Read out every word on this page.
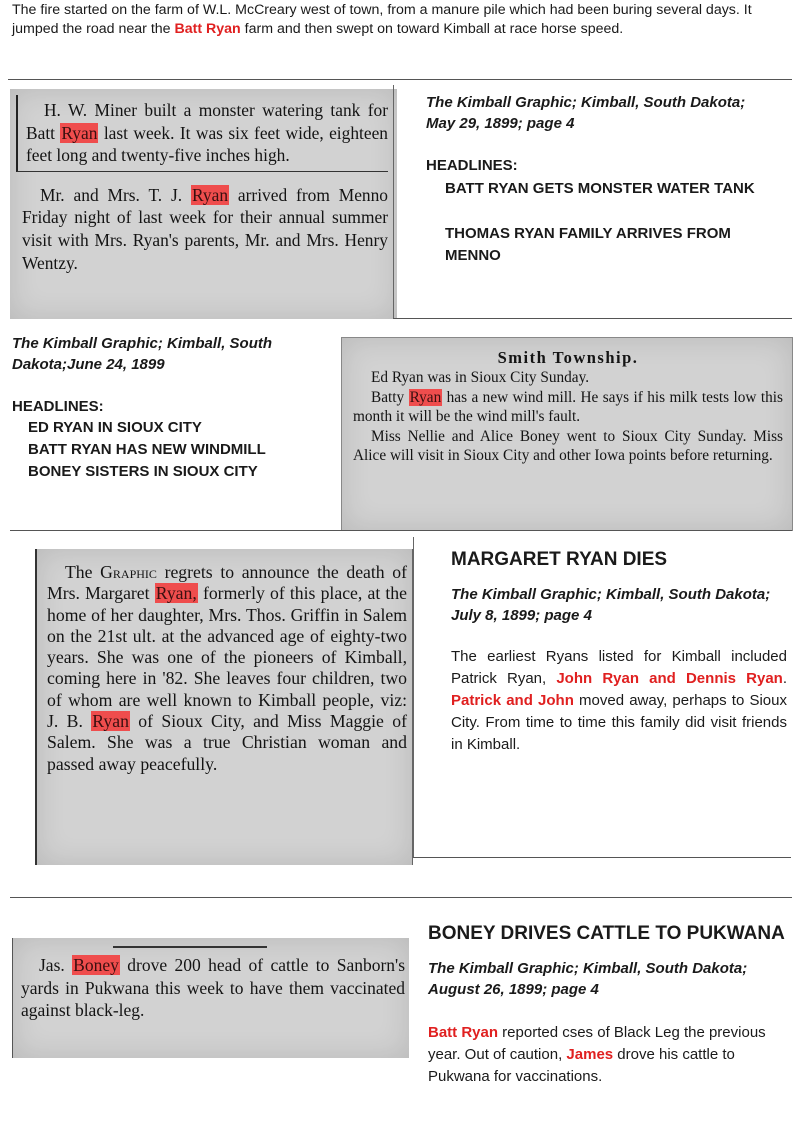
The fire started on the farm of W.L. McCreary west of town, from a manure pile which had been buring several days. It jumped the road near the Batt Ryan farm and then swept on toward Kimball at race horse speed.

H. W. Miner built a monster watering tank for Batt Ryan last week. It was six feet wide, eighteen feet long and twenty-five inches high.

Mr. and Mrs. T. J. Ryan arrived from Menno Friday night of last week for their annual summer visit with Mrs. Ryan's parents, Mr. and Mrs. Henry Wentzy.

The Kimball Graphic; Kimball, South Dakota; May 29, 1899; page 4
HEADLINES:
BATT RYAN GETS MONSTER WATER TANK
THOMAS RYAN FAMILY ARRIVES FROM MENNO
The Kimball Graphic; Kimball, South Dakota;June 24, 1899
HEADLINES:
ED RYAN IN SIOUX CITY
BATT RYAN HAS NEW WINDMILL
BONEY SISTERS IN SIOUX CITY
Smith Township.

Ed Ryan was in Sioux City Sunday.

Batty Ryan has a new wind mill. He says if his milk tests low this month it will be the wind mill's fault.

Miss Nellie and Alice Boney went to Sioux City Sunday. Miss Alice will visit in Sioux City and other Iowa points before returning.

The Graphic regrets to announce the death of Mrs. Margaret Ryan, formerly of this place, at the home of her daughter, Mrs. Thos. Griffin in Salem on the 21st ult. at the advanced age of eighty-two years. She was one of the pioneers of Kimball, coming here in '82. She leaves four children, two of whom are well known to Kimball people, viz: J. B. Ryan of Sioux City, and Miss Maggie of Salem. She was a true Christian woman and passed away peacefully.

MARGARET RYAN DIES
The Kimball Graphic; Kimball, South Dakota; July 8, 1899; page 4
The earliest Ryans listed for Kimball included Patrick Ryan, John Ryan and Dennis Ryan. Patrick and John moved away, perhaps to Sioux City. From time to time this family did visit friends in Kimball.

Jas. Boney drove 200 head of cattle to Sanborn's yards in Pukwana this week to have them vaccinated against black-leg.

BONEY DRIVES CATTLE TO PUKWANA
The Kimball Graphic; Kimball, South Dakota; August 26, 1899; page 4
Batt Ryan reported cses of Black Leg the previous year. Out of caution, James drove his cattle to Pukwana for vaccinations.
